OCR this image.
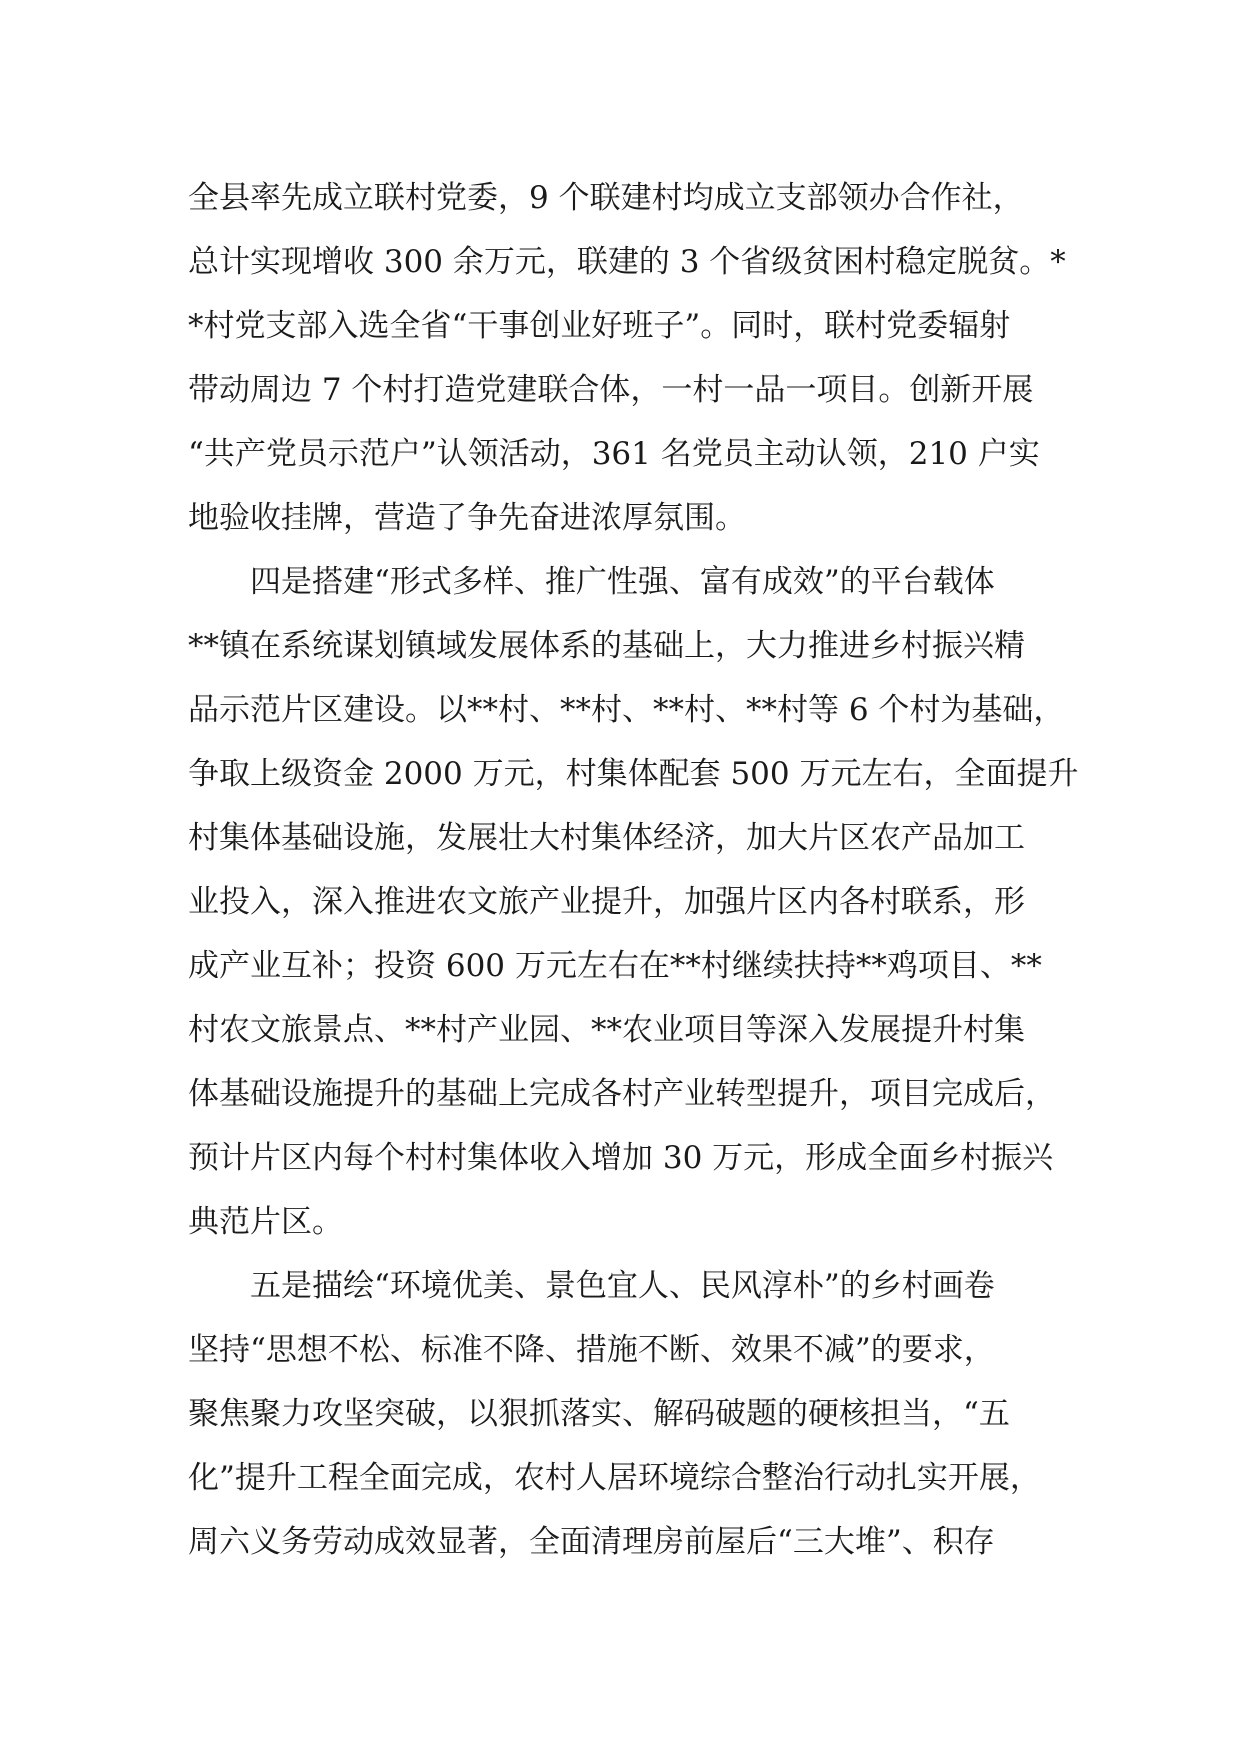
全县率先成立联村党委，9 个联建村均成立支部领办合作社，
总计实现增收 300 余万元，联建的 3 个省级贫困村稳定脱贫。*
*村党支部入选全省“干事创业好班子”。同时，联村党委辐射
带动周边 7 个村打造党建联合体，一村一品一项目。创新开展
“共产党员示范户”认领活动，361 名党员主动认领，210 户实
地验收挂牌，营造了争先奋进浓厚氛围。
四是搭建“形式多样、推广性强、富有成效”的平台载体
**镇在系统谋划镇域发展体系的基础上，大力推进乡村振兴精
品示范片区建设。以**村、**村、**村、**村等 6 个村为基础，
争取上级资金 2000 万元，村集体配套 500 万元左右，全面提升
村集体基础设施，发展壮大村集体经济，加大片区农产品加工
业投入，深入推进农文旅产业提升，加强片区内各村联系，形
成产业互补；投资 600 万元左右在**村继续扶持**鸡项目、**
村农文旅景点、**村产业园、**农业项目等深入发展提升村集
体基础设施提升的基础上完成各村产业转型提升，项目完成后，
预计片区内每个村村集体收入增加 30 万元，形成全面乡村振兴
典范片区。
五是描绘“环境优美、景色宜人、民风淳朴”的乡村画卷
坚持“思想不松、标准不降、措施不断、效果不减”的要求，
聚焦聚力攻坚突破，以狠抓落实、解码破题的硬核担当，“五
化”提升工程全面完成，农村人居环境综合整治行动扎实开展，
周六义务劳动成效显著，全面清理房前屋后“三大堆”、积存
